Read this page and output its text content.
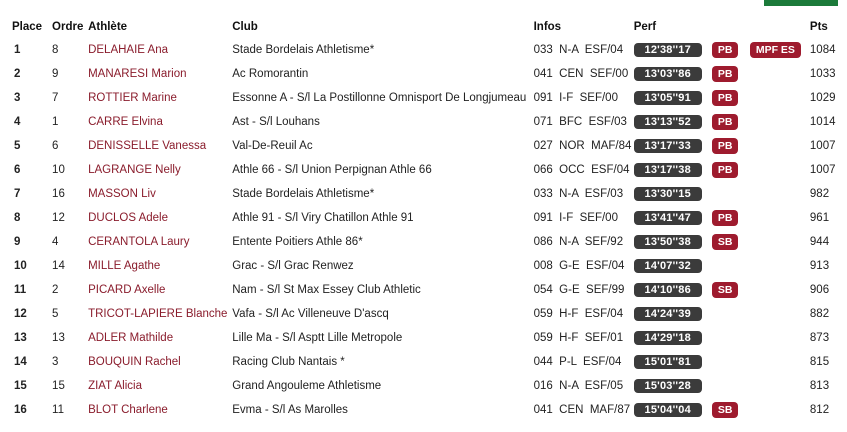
Place	Ordre	Athlète	Club	Infos	Perf			Pts
1	8	DELAHAIE Ana	Stade Bordelais Athletisme*	033  N-A  ESF/04	12'38''17	PB	MPF ES	1084
2	9	MANARESI Marion	Ac Romorantin	041  CEN  SEF/00	13'03''86	PB		1033
3	7	ROTTIER Marine	Essonne A - S/l La Postillonne Omnisport De Longjumeau	091  I-F  SEF/00	13'05''91	PB		1029
4	1	CARRE Elvina	Ast - S/l Louhans	071  BFC  ESF/03	13'13''52	PB		1014
5	6	DENISSELLE Vanessa	Val-De-Reuil Ac	027  NOR  MAF/84	13'17''33	PB		1007
6	10	LAGRANGE Nelly	Athle 66 - S/l Union Perpignan Athle 66	066  OCC  ESF/04	13'17''38	PB		1007
7	16	MASSON Liv	Stade Bordelais Athletisme*	033  N-A  ESF/03	13'30''15			982
8	12	DUCLOS Adele	Athle 91 - S/l Viry Chatillon Athle 91	091  I-F  SEF/00	13'41''47	PB		961
9	4	CERANTOLA Laury	Entente Poitiers Athle 86*	086  N-A  SEF/92	13'50''38	SB		944
10	14	MILLE Agathe	Grac - S/l Grac Renwez	008  G-E  ESF/04	14'07''32			913
11	2	PICARD Axelle	Nam - S/l St Max Essey Club Athletic	054  G-E  SEF/99	14'10''86	SB		906
12	5	TRICOT-LAPIERE Blanche	Vafa - S/l Ac Villeneuve D'ascq	059  H-F  ESF/04	14'24''39			882
13	13	ADLER Mathilde	Lille Ma - S/l Asptt Lille Metropole	059  H-F  SEF/01	14'29''18			873
14	3	BOUQUIN Rachel	Racing Club Nantais *	044  P-L  ESF/04	15'01''81			815
15	15	ZIAT Alicia	Grand Angouleme Athletisme	016  N-A  ESF/05	15'03''28			813
16	11	BLOT Charlene	Evma - S/l As Marolles	041  CEN  MAF/87	15'04''04	SB		812
